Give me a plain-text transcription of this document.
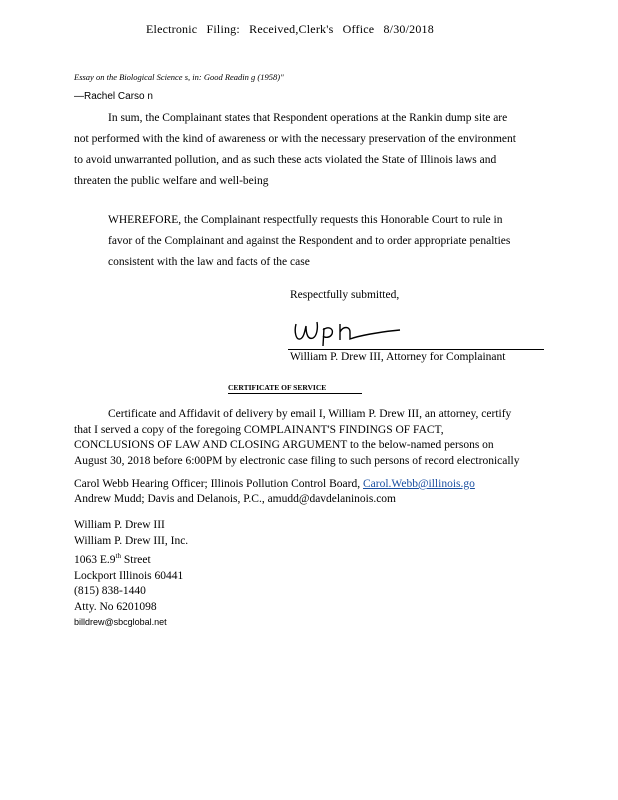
Electronic Filing: Received,Clerk's Office 8/30/2018
Essay on the Biological Science s, in: Good Readin g (1958)"
—Rachel Carso n
In sum, the Complainant states that Respondent operations at the Rankin dump site are
not performed with the kind of awareness or with the necessary preservation of the environment
to avoid unwarranted pollution, and as such these acts violated the State of Illinois laws and
threaten the public welfare and well-being
WHEREFORE, the Complainant respectfully requests this Honorable Court to rule in
favor of the Complainant and against the Respondent and to order appropriate penalties
consistent with the law and facts of the case
Respectfully submitted,
William P. Drew III, Attorney for Complainant
CERTIFICATE OF SERVICE
Certificate and Affidavit of delivery by email I, William P. Drew III, an attorney, certify
that I served a copy of the foregoing COMPLAINANT'S FINDINGS OF FACT,
CONCLUSIONS OF LAW AND CLOSING ARGUMENT to the below-named persons on
August 30, 2018 before 6:00PM by electronic case filing to such persons of record electronically
Carol Webb Hearing Officer; Illinois Pollution Control Board, Carol.Webb@illinois.go
Andrew Mudd; Davis and Delanois, P.C., amudd@davdelaninois.com
William P. Drew III
William P. Drew III, Inc.
1063 E.9th Street
Lockport Illinois 60441
(815) 838-1440
Atty. No 6201098
billdrew@sbcglobal.net
